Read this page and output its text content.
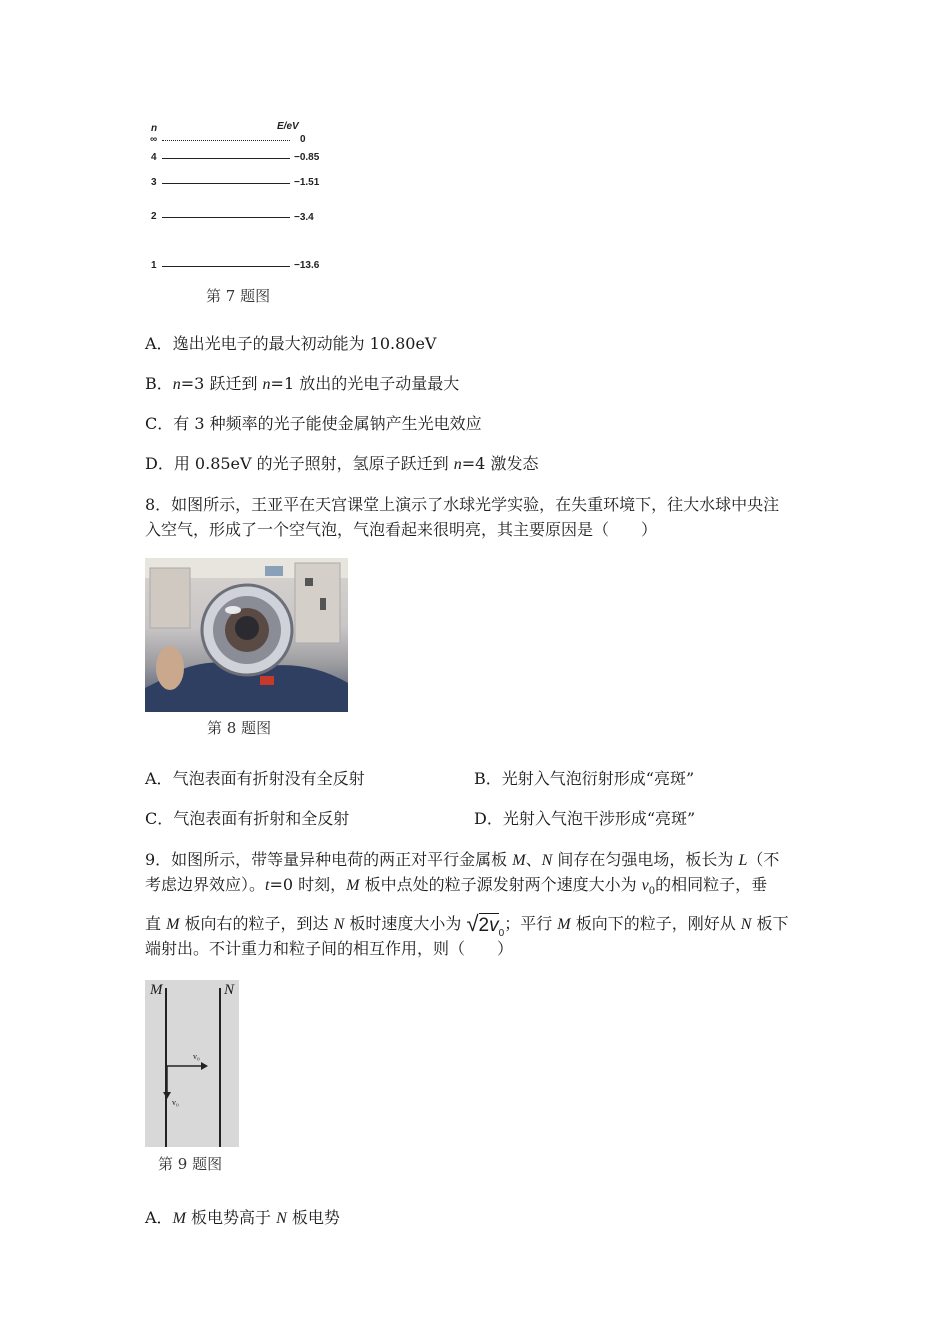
n	E/eV
∞	0
4	−0.85
3	−1.51
2	−3.4
1	−13.6
第 7 题图
A．逸出光电子的最大初动能为 10.80eV
B．n=3 跃迁到 n=1 放出的光电子动量最大
C．有 3 种频率的光子能使金属钠产生光电效应
D．用 0.85eV 的光子照射，氢原子跃迁到 n=4 激发态
8．如图所示，王亚平在天宫课堂上演示了水球光学实验，在失重环境下，往大水球中央注
入空气，形成了一个空气泡，气泡看起来很明亮，其主要原因是（　　）
第 8 题图
A．气泡表面有折射没有全反射	B．光射入气泡衍射形成“亮斑”
C．气泡表面有折射和全反射	D．光射入气泡干涉形成“亮斑”
9．如图所示，带等量异种电荷的两正对平行金属板 M、N 间存在匀强电场，板长为 L（不
考虑边界效应）。t=0 时刻，M 板中点处的粒子源发射两个速度大小为 $v_0$的相同粒子，垂
直 M 板向右的粒子，到达 N 板时速度大小为 $√2v_0$；平行 M 板向下的粒子，刚好从 N 板下
端射出。不计重力和粒子间的相互作用，则（　　）
M	N
v₀
v₀
第 9 题图
A．M 板电势高于 N 板电势
